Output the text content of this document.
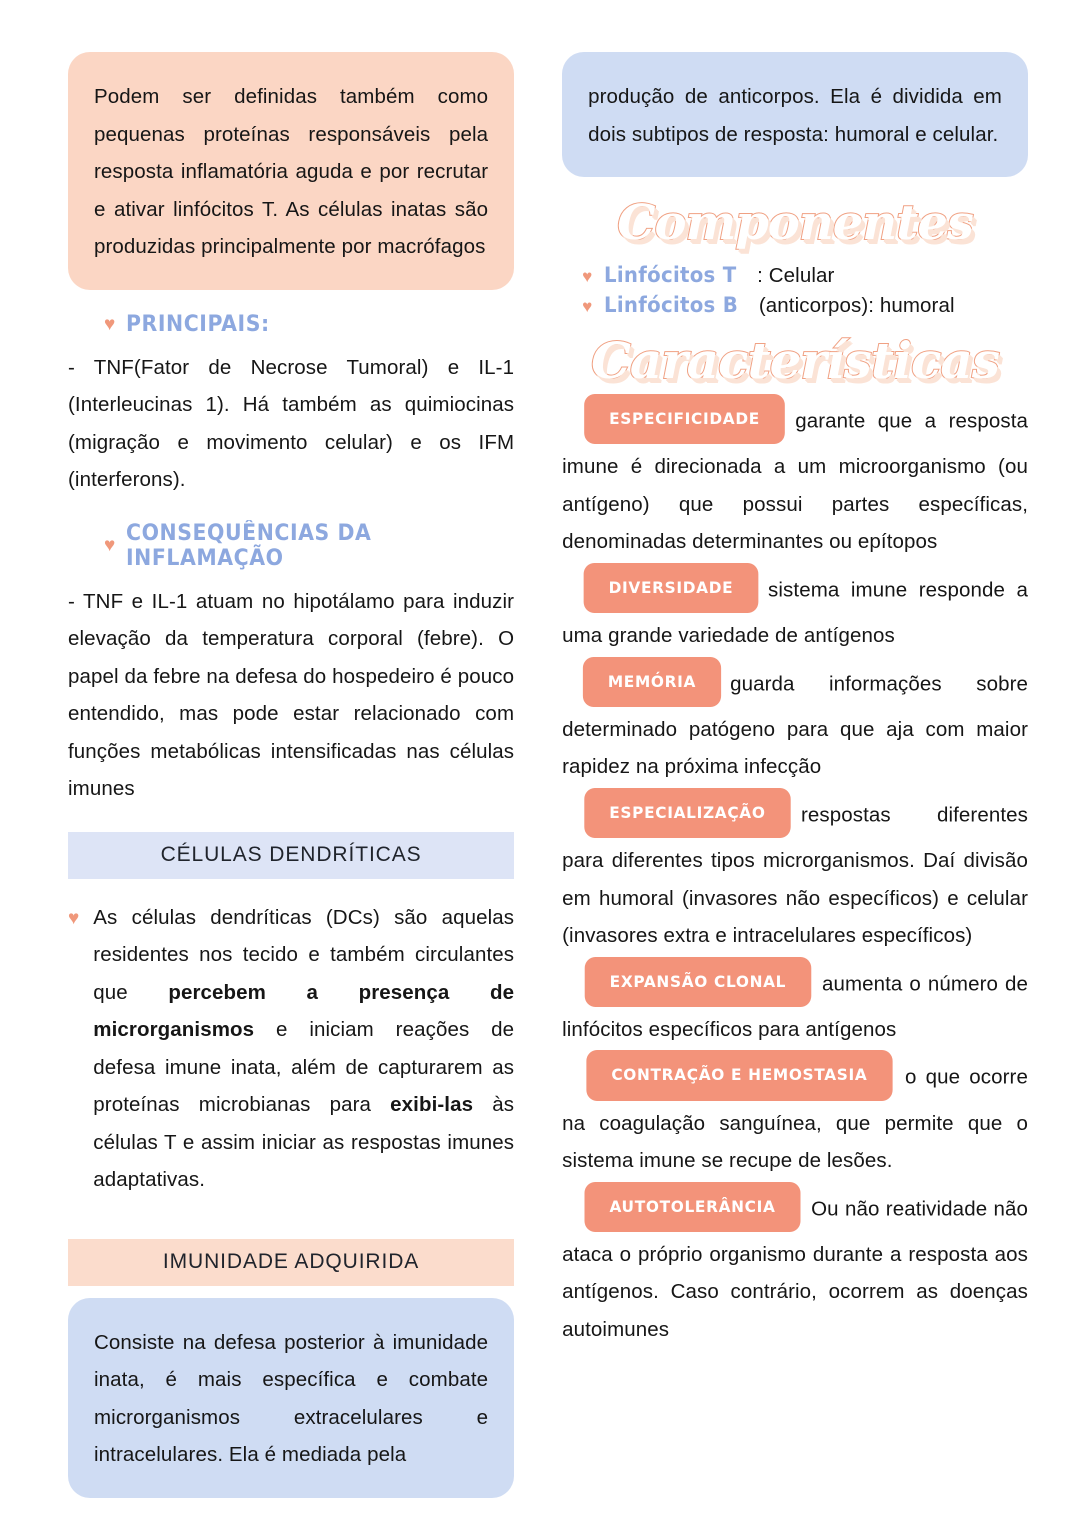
Podem ser definidas também como pequenas proteínas responsáveis pela resposta inflamatória aguda e por recrutar e ativar linfócitos T. As células inatas são produzidas principalmente por macrófagos

♥ PRINCIPAIS:

- TNF(Fator de Necrose Tumoral) e IL-1 (Interleucinas 1). Há também as quimiocinas (migração e movimento celular) e os IFM (interferons).

♥ CONSEQUÊNCIAS DA INFLAMAÇÃO

- TNF e IL-1 atuam no hipotálamo para induzir elevação da temperatura corporal (febre). O papel da febre na defesa do hospedeiro é pouco entendido, mas pode estar relacionado com funções metabólicas intensificadas nas células imunes

CÉLULAS DENDRÍTICAS
♥ As células dendríticas (DCs) são aquelas residentes nos tecido e também circulantes que percebem a presença de microrganismos e iniciam reações de defesa imune inata, além de capturarem as proteínas microbianas para exibi-las às células T e assim iniciar as respostas imunes adaptativas.

IMUNIDADE ADQUIRIDA

Consiste na defesa posterior à imunidade inata, é mais específica e combate microrganismos extracelulares e intracelulares. Ela é mediada pela

produção de anticorpos. Ela é dividida em dois subtipos de resposta: humoral e celular.

Componentes
♥ Linfócitos T : Celular
♥ Linfócitos B (anticorpos): humoral
Características

ESPECIFICIDADE garante que a resposta imune é direcionada a um microorganismo (ou antígeno) que possui partes específicas, denominadas determinantes ou epítopos

DIVERSIDADE sistema imune responde a uma grande variedade de antígenos

MEMÓRIA guarda informações sobre determinado patógeno para que aja com maior rapidez na próxima infecção

ESPECIALIZAÇÃO respostas diferentes para diferentes tipos microrganismos. Daí divisão em humoral (invasores não específicos) e celular (invasores extra e intracelulares específicos)

EXPANSÃO CLONAL aumenta o número de linfócitos específicos para antígenos

CONTRAÇÃO E HEMOSTASIA o que ocorre na coagulação sanguínea, que permite que o sistema imune se recupe de lesões.

AUTOTOLERÂNCIA Ou não reatividade não ataca o próprio organismo durante a resposta aos antígenos. Caso contrário, ocorrem as doenças autoimunes
